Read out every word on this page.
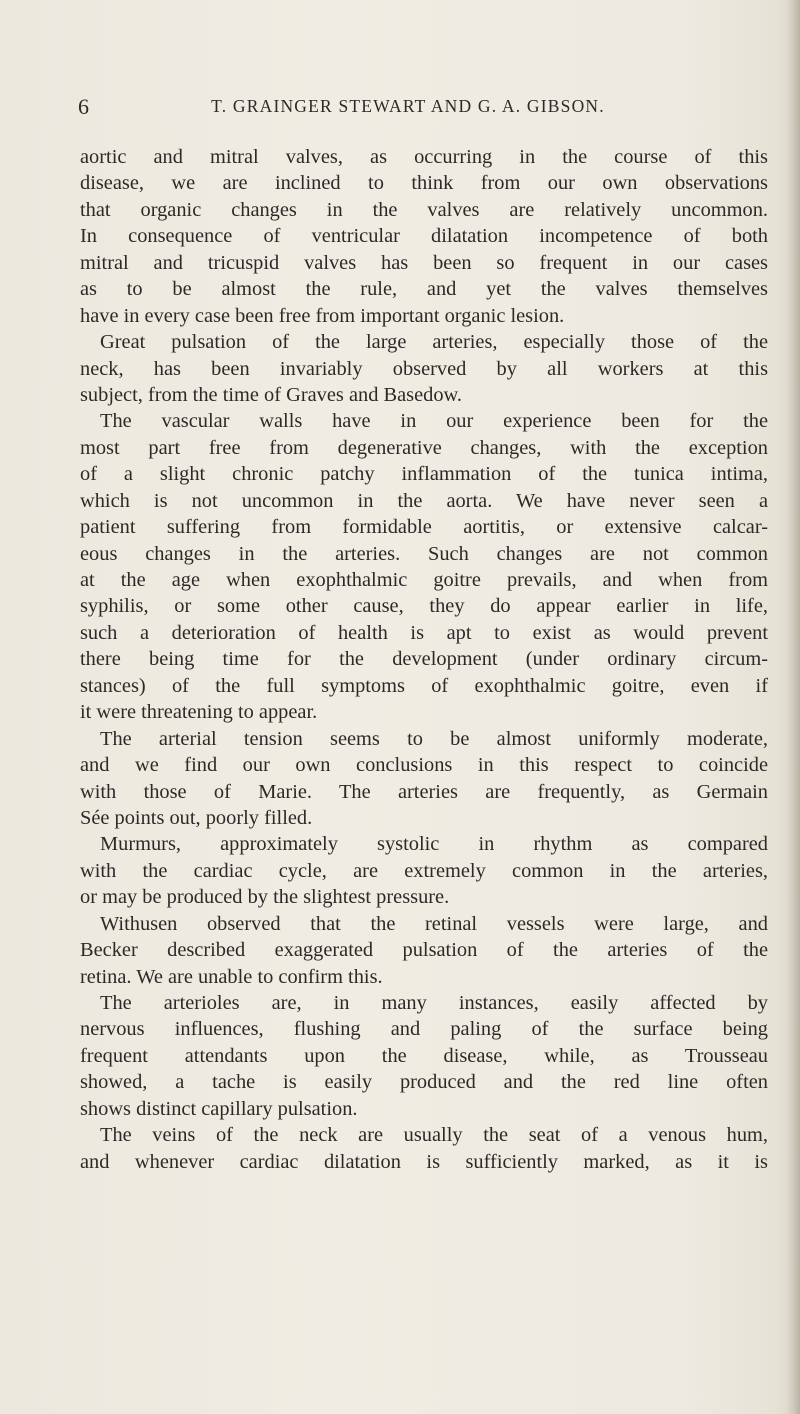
6	T. GRAINGER STEWART AND G. A. GIBSON.
aortic and mitral valves, as occurring in the course of this
disease, we are inclined to think from our own observations
that organic changes in the valves are relatively uncommon.
In consequence of ventricular dilatation incompetence of both
mitral and tricuspid valves has been so frequent in our cases
as to be almost the rule, and yet the valves themselves
have in every case been free from important organic lesion.
Great pulsation of the large arteries, especially those of the
neck, has been invariably observed by all workers at this
subject, from the time of Graves and Basedow.
The vascular walls have in our experience been for the
most part free from degenerative changes, with the exception
of a slight chronic patchy inflammation of the tunica intima,
which is not uncommon in the aorta. We have never seen a
patient suffering from formidable aortitis, or extensive calcar-
eous changes in the arteries. Such changes are not common
at the age when exophthalmic goitre prevails, and when from
syphilis, or some other cause, they do appear earlier in life,
such a deterioration of health is apt to exist as would prevent
there being time for the development (under ordinary circum-
stances) of the full symptoms of exophthalmic goitre, even if
it were threatening to appear.
The arterial tension seems to be almost uniformly moderate,
and we find our own conclusions in this respect to coincide
with those of Marie. The arteries are frequently, as Germain
Sée points out, poorly filled.
Murmurs, approximately systolic in rhythm as compared
with the cardiac cycle, are extremely common in the arteries,
or may be produced by the slightest pressure.
Withusen observed that the retinal vessels were large, and
Becker described exaggerated pulsation of the arteries of the
retina. We are unable to confirm this.
The arterioles are, in many instances, easily affected by
nervous influences, flushing and paling of the surface being
frequent attendants upon the disease, while, as Trousseau
showed, a tache is easily produced and the red line often
shows distinct capillary pulsation.
The veins of the neck are usually the seat of a venous hum,
and whenever cardiac dilatation is sufficiently marked, as it is
